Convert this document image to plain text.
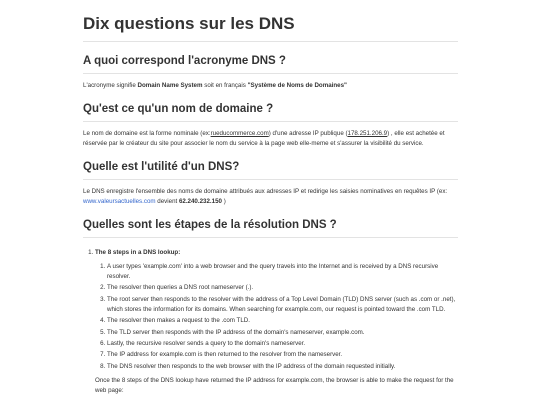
Dix questions sur les DNS
A quoi correspond l'acronyme DNS ?

L'acronyme signifie Domain Name System soit en français "Système de Noms de Domaines"

Qu'est ce qu'un nom de domaine ?

Le nom de domaine est la forme nominale (ex:rueducommerce.com) d'une adresse IP publique (178.251.206.9) , elle est achetée et réservée par le créateur du site pour associer le nom du service à la page web elle-meme et s'assurer la visibilité du service.

Quelle est l'utilité d'un DNS?

Le DNS enregistre l'ensemble des noms de domaine attribués aux adresses IP et redirige les saisies nominatives en requêtes IP (ex: www.valeursactuelles.com devient 62.240.232.150 )

Quelles sont les étapes de la résolution DNS ?
1. The 8 steps in a DNS lookup:
1. A user types 'example.com' into a web browser and the query travels into the Internet and is received by a DNS recursive resolver.
2. The resolver then queries a DNS root nameserver (.).
3. The root server then responds to the resolver with the address of a Top Level Domain (TLD) DNS server (such as .com or .net), which stores the information for its domains. When searching for example.com, our request is pointed toward the .com TLD.
4. The resolver then makes a request to the .com TLD.
5. The TLD server then responds with the IP address of the domain's nameserver, example.com.
6. Lastly, the recursive resolver sends a query to the domain's nameserver.
7. The IP address for example.com is then returned to the resolver from the nameserver.
8. The DNS resolver then responds to the web browser with the IP address of the domain requested initially.

Once the 8 steps of the DNS lookup have returned the IP address for example.com, the browser is able to make the request for the web page:
